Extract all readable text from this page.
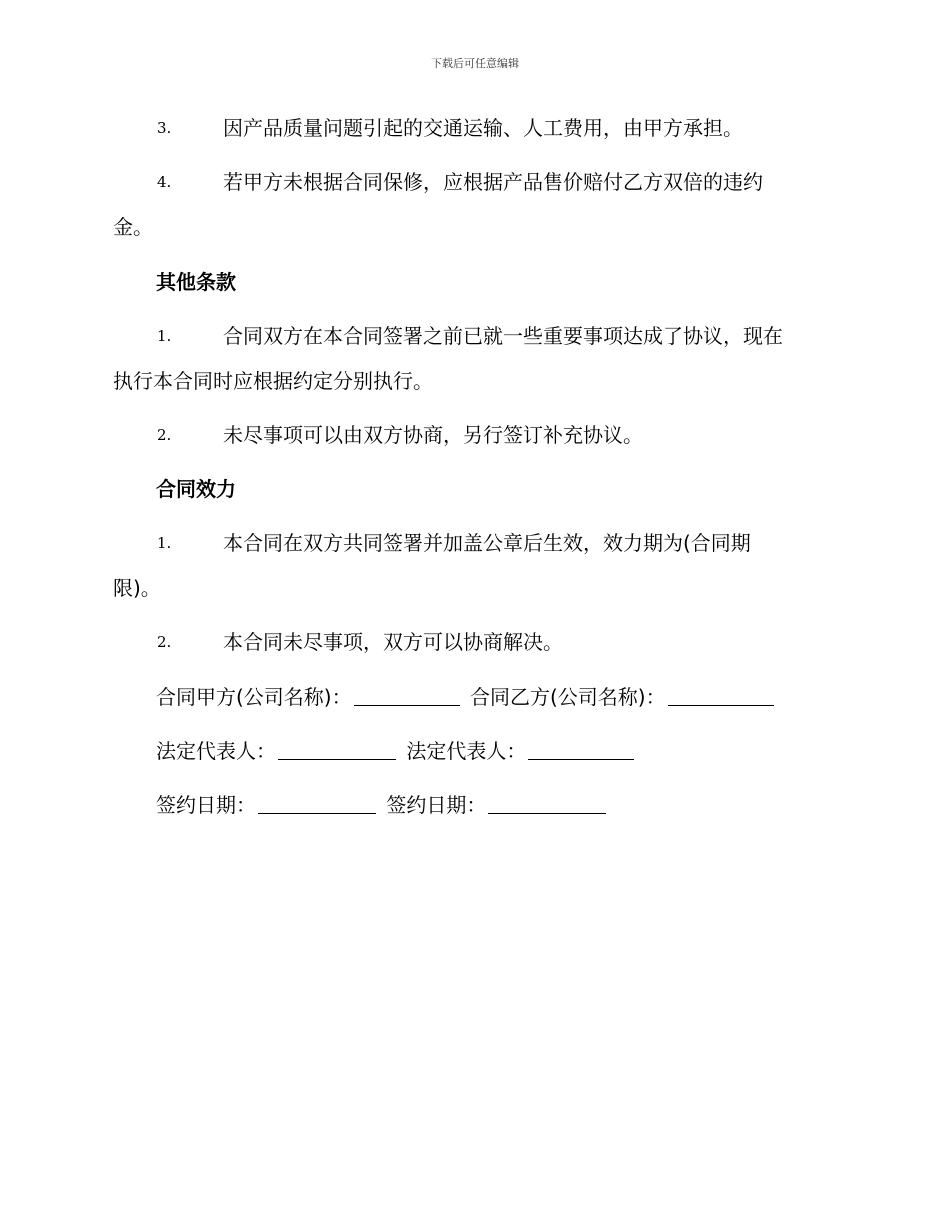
下载后可任意编辑
3.	因产品质量问题引起的交通运输、人工费用，由甲方承担。
4.	若甲方未根据合同保修，应根据产品售价赔付乙方双倍的违约
金。
其他条款
1.	合同双方在本合同签署之前已就一些重要事项达成了协议，现在
执行本合同时应根据约定分别执行。
2.	未尽事项可以由双方协商，另行签订补充协议。
合同效力
1.	本合同在双方共同签署并加盖公章后生效，效力期为(合同期
限)。
2.	本合同未尽事项，双方可以协商解决。
合同甲方(公司名称)：	合同乙方(公司名称)：
法定代表人：	法定代表人：
签约日期：	签约日期：
